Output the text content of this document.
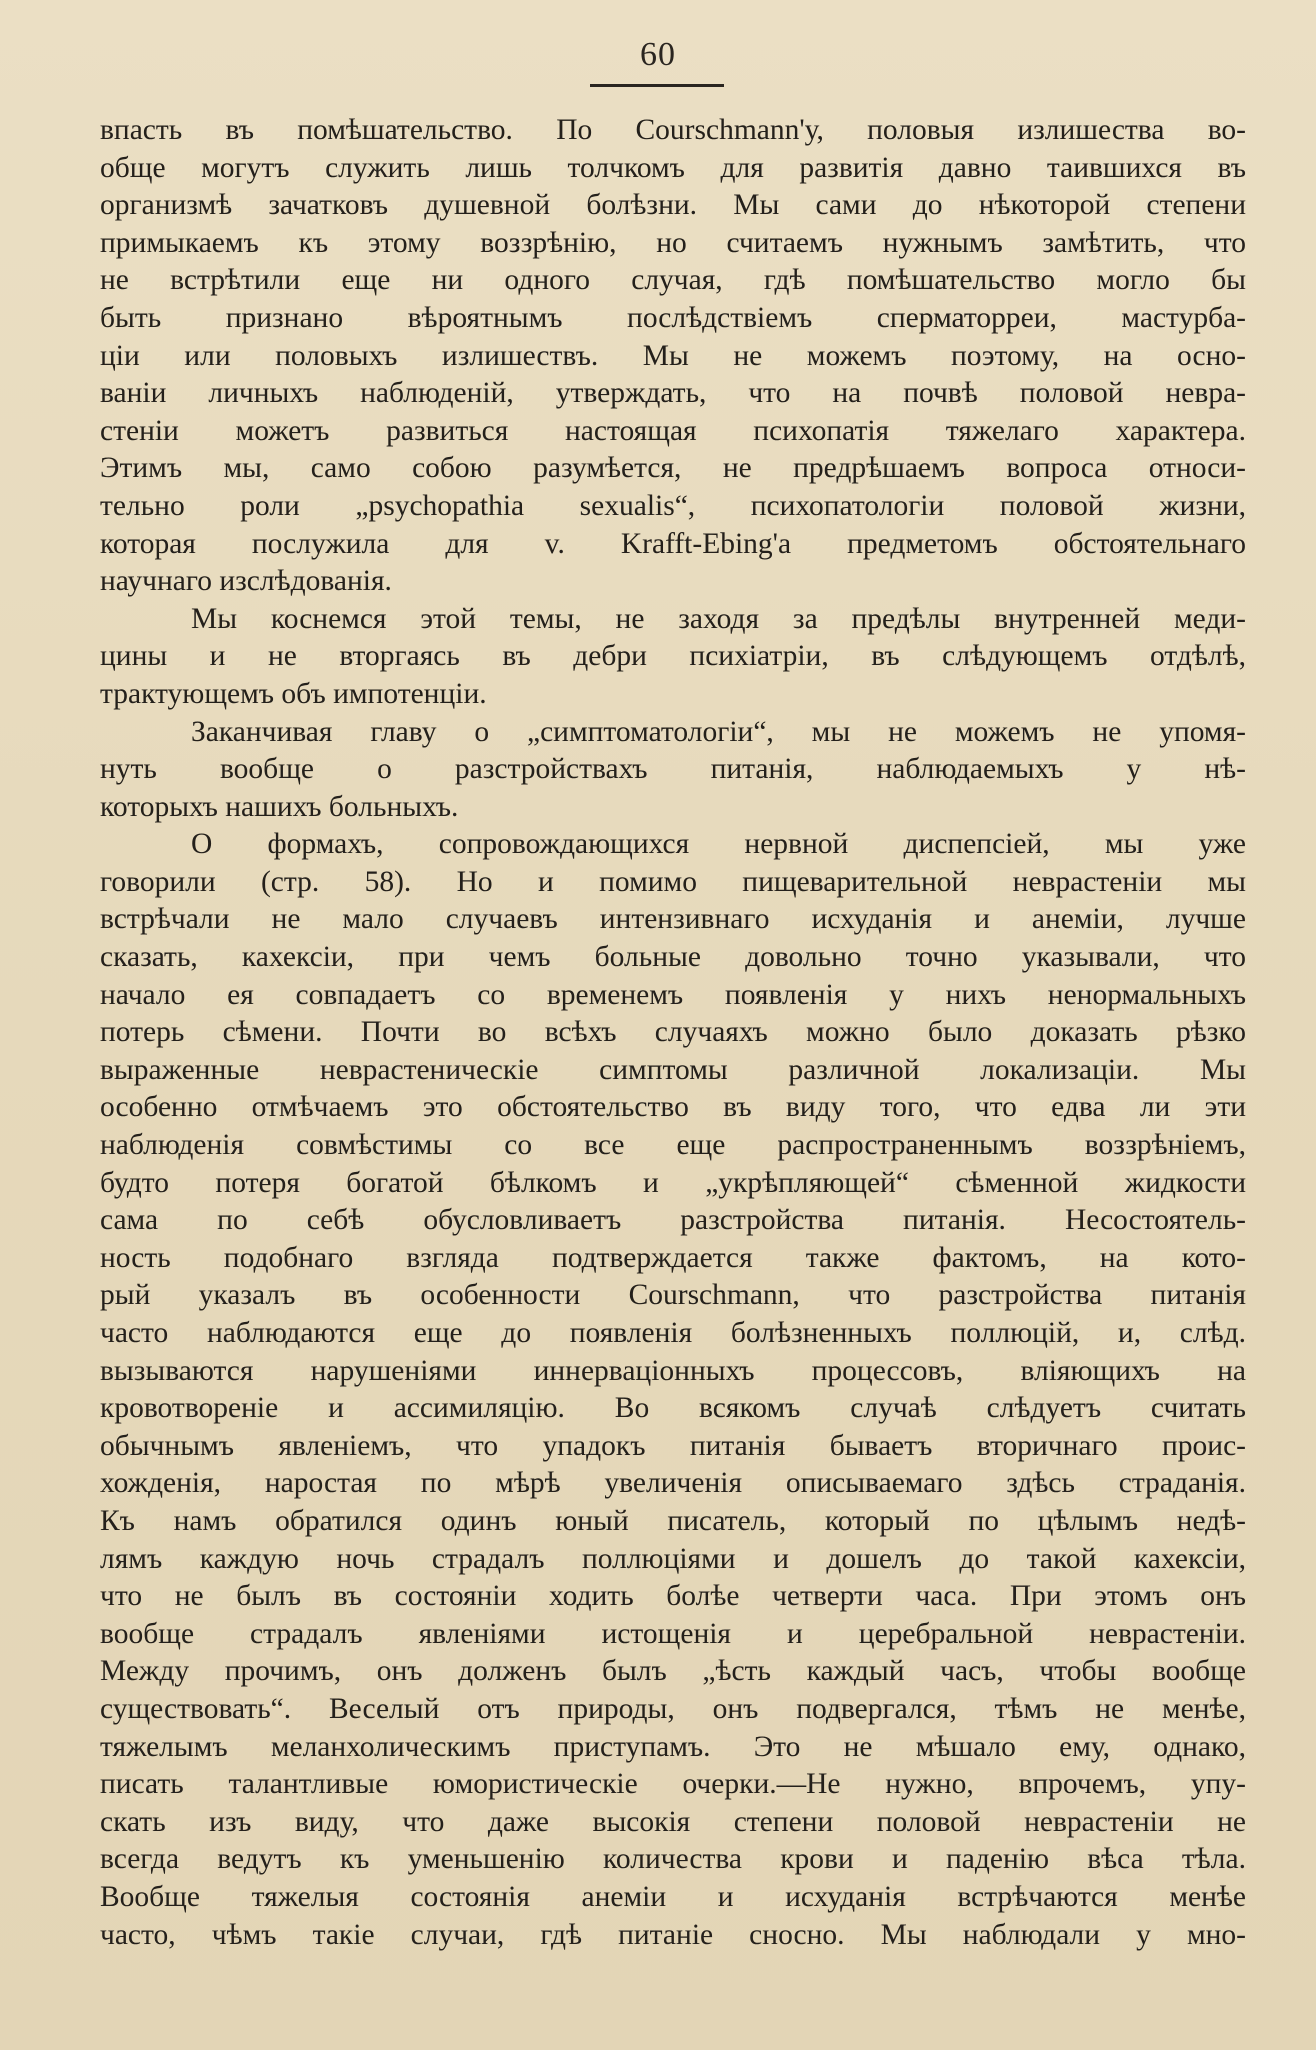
60
впасть въ помѣшательство. По Courschmann'у, половыя излишества во-
обще могутъ служить лишь толчкомъ для развитія давно таившихся въ
организмѣ зачатковъ душевной болѣзни. Мы сами до нѣкоторой степени
примыкаемъ къ этому воззрѣнію, но считаемъ нужнымъ замѣтить, что
не встрѣтили еще ни одного случая, гдѣ помѣшательство могло бы
быть признано вѣроятнымъ послѣдствіемъ сперматорреи, мастурба-
ціи или половыхъ излишествъ. Мы не можемъ поэтому, на осно-
ваніи личныхъ наблюденій, утверждать, что на почвѣ половой невра-
стеніи можетъ развиться настоящая психопатія тяжелаго характера.
Этимъ мы, само собою разумѣется, не предрѣшаемъ вопроса относи-
тельно роли „psychopathia sexualis“, психопатологіи половой жизни,
которая послужила для v. Krafft-Ebing'а предметомъ обстоятельнаго
научнаго изслѣдованія.
Мы коснемся этой темы, не заходя за предѣлы внутренней меди-
цины и не вторгаясь въ дебри психіатріи, въ слѣдующемъ отдѣлѣ,
трактующемъ объ импотенціи.
Заканчивая главу о „симптоматологіи“, мы не можемъ не упомя-
нуть вообще о разстройствахъ питанія, наблюдаемыхъ у нѣ-
которыхъ нашихъ больныхъ.
О формахъ, сопровождающихся нервной диспепсіей, мы уже
говорили (стр. 58). Но и помимо пищеварительной неврастеніи мы
встрѣчали не мало случаевъ интензивнаго исхуданія и анеміи, лучше
сказать, кахексіи, при чемъ больные довольно точно указывали, что
начало ея совпадаетъ со временемъ появленія у нихъ ненормальныхъ
потерь сѣмени. Почти во всѣхъ случаяхъ можно было доказать рѣзко
выраженные неврастеническіе симптомы различной локализаціи. Мы
особенно отмѣчаемъ это обстоятельство въ виду того, что едва ли эти
наблюденія совмѣстимы со все еще распространеннымъ воззрѣніемъ,
будто потеря богатой бѣлкомъ и „укрѣпляющей“ сѣменной жидкости
сама по себѣ обусловливаетъ разстройства питанія. Несостоятель-
ность подобнаго взгляда подтверждается также фактомъ, на кото-
рый указалъ въ особенности Courschmann, что разстройства питанія
часто наблюдаются еще до появленія болѣзненныхъ поллюцій, и, слѣд.
вызываются нарушеніями иннерваціонныхъ процессовъ, вліяющихъ на
кровотвореніе и ассимиляцію. Во всякомъ случаѣ слѣдуетъ считать
обычнымъ явленіемъ, что упадокъ питанія бываетъ вторичнаго проис-
хожденія, наростая по мѣрѣ увеличенія описываемаго здѣсь страданія.
Къ намъ обратился одинъ юный писатель, который по цѣлымъ недѣ-
лямъ каждую ночь страдалъ поллюціями и дошелъ до такой кахексіи,
что не былъ въ состояніи ходить болѣе четверти часа. При этомъ онъ
вообще страдалъ явленіями истощенія и церебральной неврастеніи.
Между прочимъ, онъ долженъ былъ „ѣсть каждый часъ, чтобы вообще
существовать“. Веселый отъ природы, онъ подвергался, тѣмъ не менѣе,
тяжелымъ меланхолическимъ приступамъ. Это не мѣшало ему, однако,
писать талантливые юмористическіе очерки.—Не нужно, впрочемъ, упу-
скать изъ виду, что даже высокія степени половой неврастеніи не
всегда ведутъ къ уменьшенію количества крови и паденію вѣса тѣла.
Вообще тяжелыя состоянія анеміи и исхуданія встрѣчаются менѣе
часто, чѣмъ такіе случаи, гдѣ питаніе сносно. Мы наблюдали у мно-
